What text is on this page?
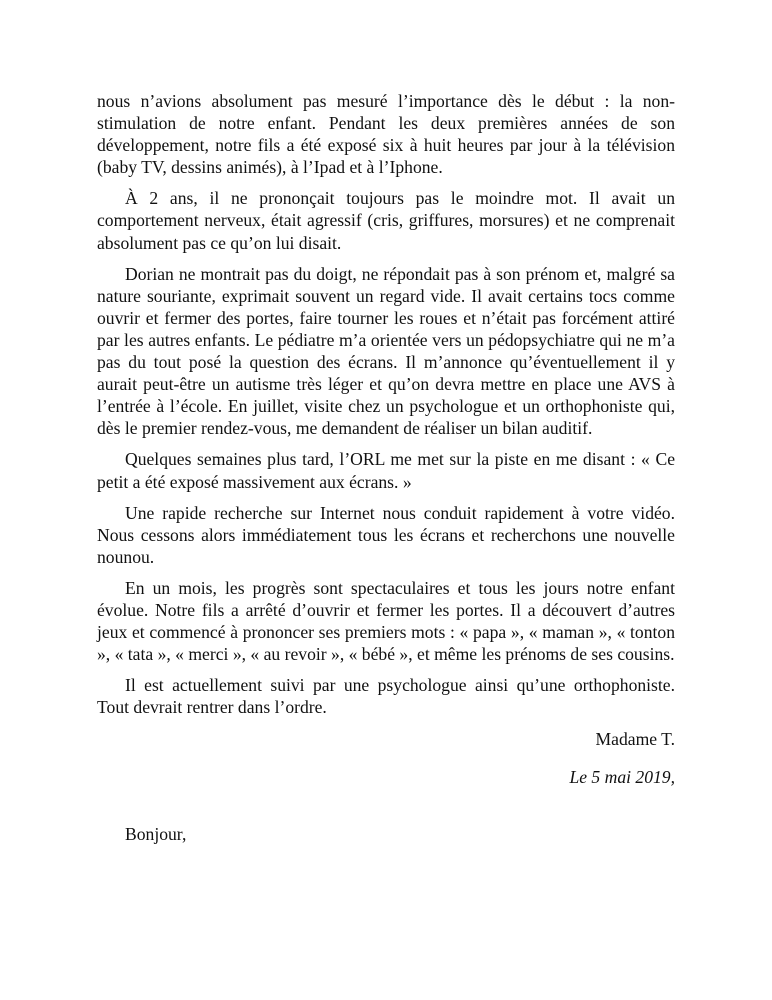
nous n’avions absolument pas mesuré l’importance dès le début : la non-stimulation de notre enfant. Pendant les deux premières années de son développement, notre fils a été exposé six à huit heures par jour à la télévision (baby TV, dessins animés), à l’Ipad et à l’Iphone.

À 2 ans, il ne prononçait toujours pas le moindre mot. Il avait un comportement nerveux, était agressif (cris, griffures, morsures) et ne comprenait absolument pas ce qu’on lui disait.

Dorian ne montrait pas du doigt, ne répondait pas à son prénom et, malgré sa nature souriante, exprimait souvent un regard vide. Il avait certains tocs comme ouvrir et fermer des portes, faire tourner les roues et n’était pas forcément attiré par les autres enfants. Le pédiatre m’a orientée vers un pédopsychiatre qui ne m’a pas du tout posé la question des écrans. Il m’annonce qu’éventuellement il y aurait peut-être un autisme très léger et qu’on devra mettre en place une AVS à l’entrée à l’école. En juillet, visite chez un psychologue et un orthophoniste qui, dès le premier rendez-vous, me demandent de réaliser un bilan auditif.

Quelques semaines plus tard, l’ORL me met sur la piste en me disant : « Ce petit a été exposé massivement aux écrans. »

Une rapide recherche sur Internet nous conduit rapidement à votre vidéo. Nous cessons alors immédiatement tous les écrans et recherchons une nouvelle nounou.

En un mois, les progrès sont spectaculaires et tous les jours notre enfant évolue. Notre fils a arrêté d’ouvrir et fermer les portes. Il a découvert d’autres jeux et commencé à prononcer ses premiers mots : « papa », « maman », « tonton », « tata », « merci », « au revoir », « bébé », et même les prénoms de ses cousins.

Il est actuellement suivi par une psychologue ainsi qu’une orthophoniste. Tout devrait rentrer dans l’ordre.

Madame T.

Le 5 mai 2019,

Bonjour,
